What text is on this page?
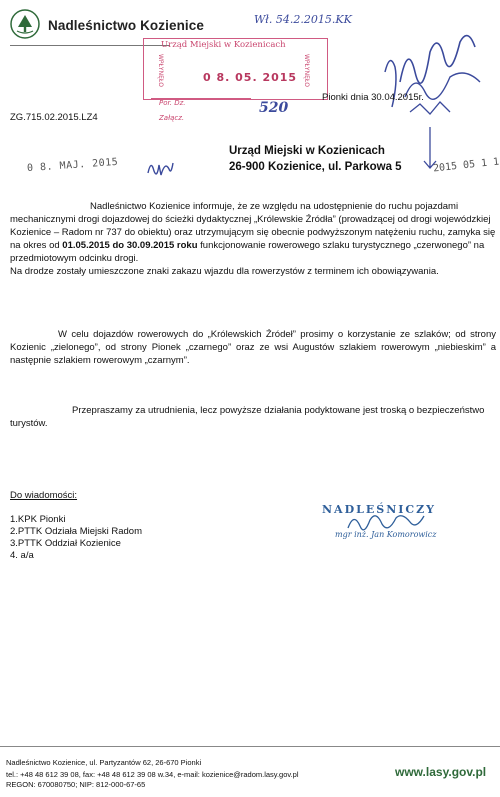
Nadleśnictwo Kozienice	Wł. 54.2.2015.KK
Urząd Miejski w Kozienicach
WPŁYNĘŁO	WPŁYNĘŁO
0 8. 05. 2015
Por. Dz.
Załącz.
520
ZG.715.02.2015.LZ4
Pionki dnia 30.04.2015r.
Urząd Miejski w Kozienicach
26-900 Kozienice, ul. Parkowa 5
0 8. MAJ. 2015	2015 05 1 1
Nadleśnictwo Kozienice informuje, że ze względu na udostępnienie do ruchu pojazdami mechanicznymi drogi dojazdowej do ścieżki dydaktycznej „Królewskie Źródła” (prowadzącej od drogi wojewódzkiej Kozienice – Radom nr 737 do obiektu) oraz utrzymującym się obecnie podwyższonym natężeniu ruchu, zamyka się na okres od 01.05.2015 do 30.09.2015 roku funkcjonowanie rowerowego szlaku turystycznego „czerwonego” na przedmiotowym odcinku drogi.
Na drodze zostały umieszczone znaki zakazu wjazdu dla rowerzystów z terminem ich obowiązywania.
W celu dojazdów rowerowych do „Królewskich Źródeł” prosimy o korzystanie ze szlaków; od strony Kozienic „zielonego”, od strony Pionek „czarnego” oraz ze wsi Augustów szlakiem rowerowym „niebieskim” a następnie szlakiem rowerowym „czarnym”.
Przepraszamy za utrudnienia, lecz powyższe działania podyktowane jest troską o bezpieczeństwo turystów.
Do wiadomości:
1.KPK Pionki
2.PTTK Odziała Miejski Radom
3.PTTK Oddział Kozienice
4. a/a
NADLEŚNICZY
mgr inż. Jan Komorowicz
Nadleśnictwo Kozienice, ul. Partyzantów 62, 26-670 Pionki
tel.: +48 48 612 39 08, fax: +48 48 612 39 08 w.34, e-mail: kozienice@radom.lasy.gov.pl
REGON: 670080750; NIP: 812-000-67-65
www.lasy.gov.pl
